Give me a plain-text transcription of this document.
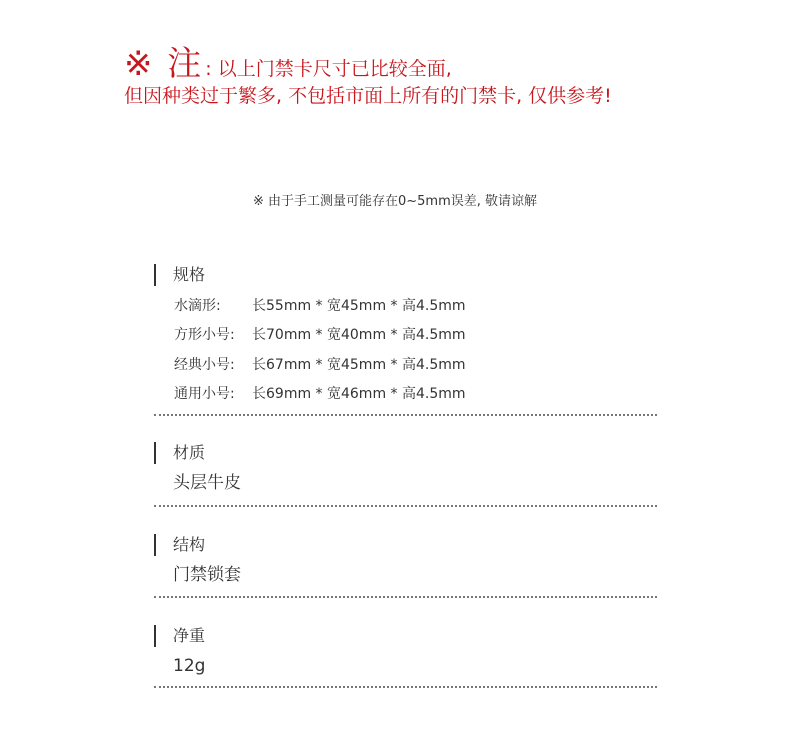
※ 注 : 以上门禁卡尺寸已比较全面,
但因种类过于繁多, 不包括市面上所有的门禁卡, 仅供参考!
※ 由于手工测量可能存在0~5mm误差, 敬请谅解
规格
水滴形:	长55mm * 宽45mm * 高4.5mm
方形小号:	长70mm * 宽40mm * 高4.5mm
经典小号:	长67mm * 宽45mm * 高4.5mm
通用小号:	长69mm * 宽46mm * 高4.5mm
材质
头层牛皮
结构
门禁锁套
净重
12g
